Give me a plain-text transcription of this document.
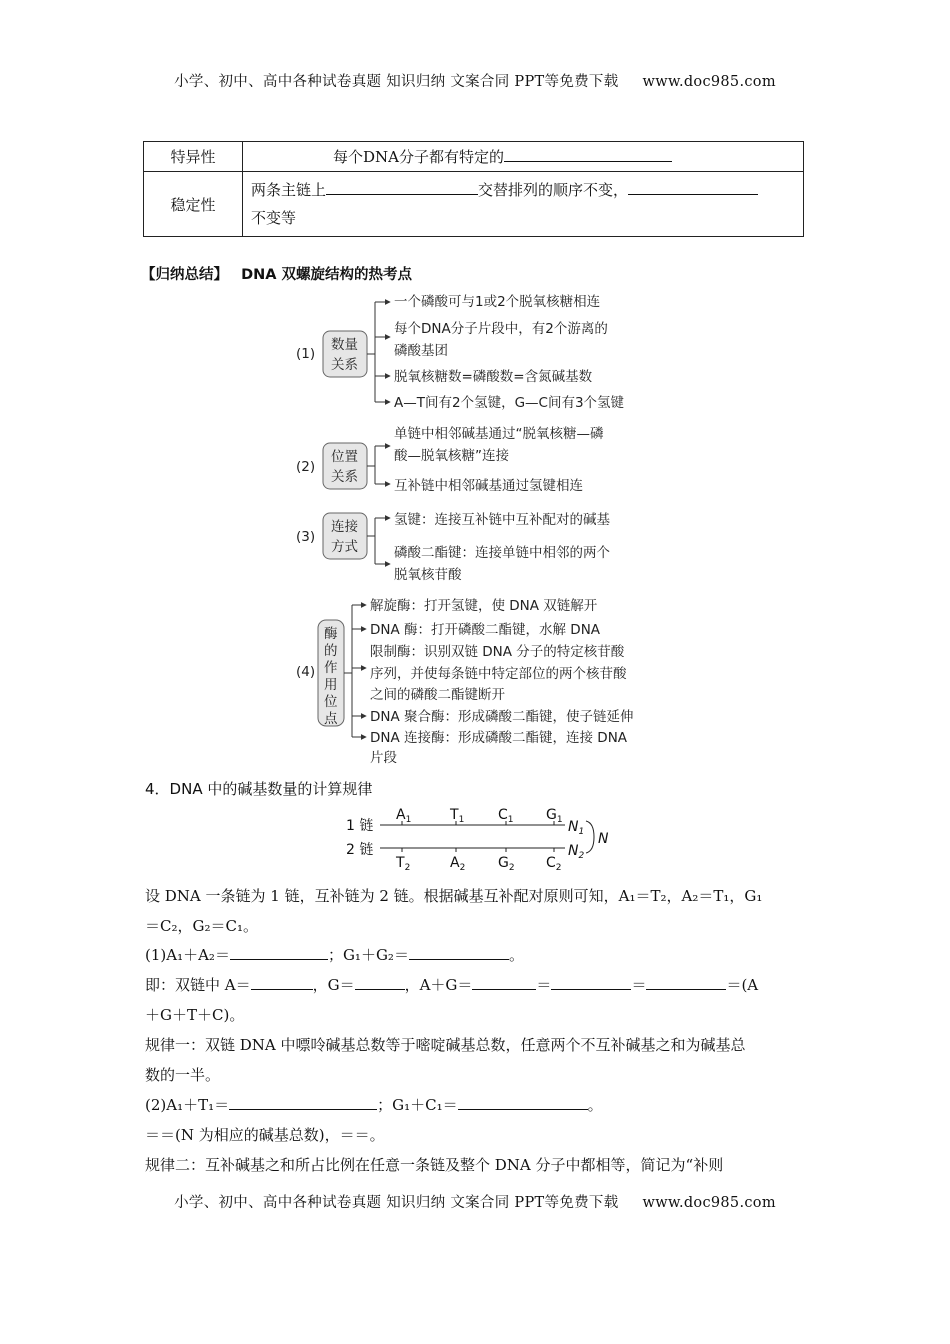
小学、初中、高中各种试卷真题 知识归纳 文案合同 PPT等免费下载 www.doc985.com
特异性	每个DNA分子都有特定的
稳定性	两条主链上 交替排列的顺序不变，
不变等
【归纳总结】 DNA 双螺旋结构的热考点
(1)
数量
关系
一个磷酸可与1或2个脱氧核糖相连
每个DNA分子片段中，有2个游离的
磷酸基团
脱氧核糖数=磷酸数=含氮碱基数
A—T间有2个氢键，G—C间有3个氢键
(2)
位置
关系
单链中相邻碱基通过“脱氧核糖—磷
酸—脱氧核糖”连接
互补链中相邻碱基通过氢键相连
(3)
连接
方式
氢键：连接互补链中互补配对的碱基
磷酸二酯键：连接单链中相邻的两个
脱氧核苷酸
(4)
酶
的
作
用
位
点
解旋酶：打开氢键，使 DNA 双链解开
DNA 酶：打开磷酸二酯键，水解 DNA
限制酶：识别双链 DNA 分子的特定核苷酸
序列，并使每条链中特定部位的两个核苷酸
之间的磷酸二酯键断开
DNA 聚合酶：形成磷酸二酯键，使子链延伸
DNA 连接酶：形成磷酸二酯键，连接 DNA
片段
4．DNA 中的碱基数量的计算规律
1 链
2 链
$A_1$	$T_1$ $C_1$ $G_1$
$T_2$	$A_2$ $G_2$ $C_2$
$N_1$
$N_2$
N
设 DNA 一条链为 1 链，互补链为 2 链。根据碱基互补配对原则可知，A₁＝T₂，A₂＝T₁，G₁
＝C₂，G₂＝C₁。
(1)A₁＋A₂＝	；G₁＋G₂＝	。
即：双链中 A＝	，G＝	，A＋G＝	＝	＝	＝(A
＋G＋T＋C)。
规律一：双链 DNA 中嘌呤碱基总数等于嘧啶碱基总数，任意两个不互补碱基之和为碱基总
数的一半。
(2)A₁＋T₁＝	；G₁＋C₁＝	。
＝＝(N 为相应的碱基总数)，＝＝。
规律二：互补碱基之和所占比例在任意一条链及整个 DNA 分子中都相等，简记为“补则
小学、初中、高中各种试卷真题 知识归纳 文案合同 PPT等免费下载 www.doc985.com
